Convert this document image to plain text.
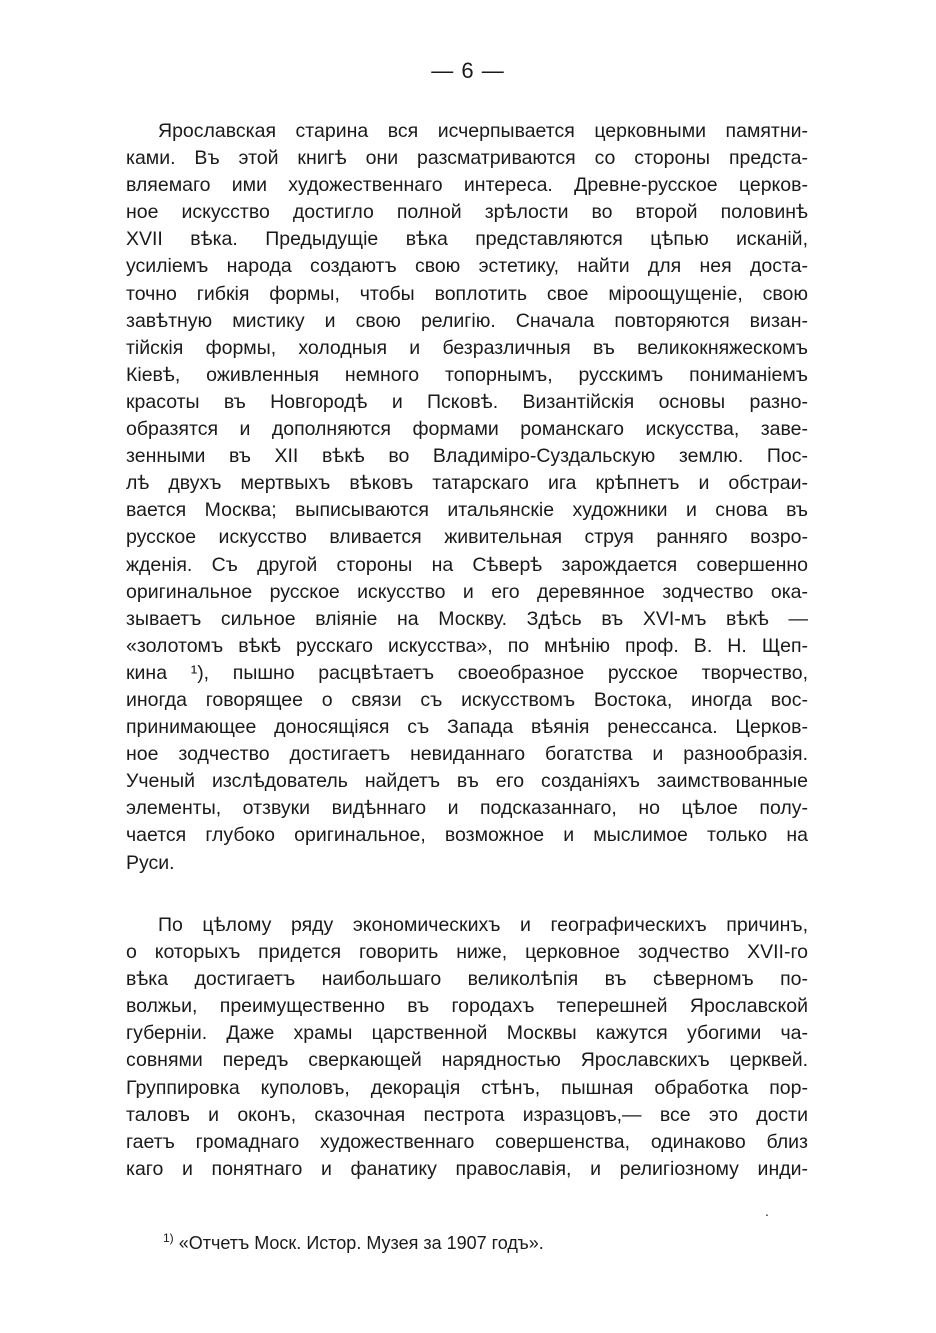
— 6 —
Ярославская старина вся исчерпывается церковными памятни-
ками. Въ этой книгѣ они разсматриваются со стороны предста-
вляемаго ими художественнаго интереса. Древне-русское церков-
ное искусство достигло полной зрѣлости во второй половинѣ
XVII вѣка. Предыдущіе вѣка представляются цѣпью исканій,
усиліемъ народа создаютъ свою эстетику, найти для нея доста-
точно гибкія формы, чтобы воплотить свое міроощущеніе, свою
завѣтную мистику и свою религію. Сначала повторяются визан-
тійскія формы, холодныя и безразличныя въ великокняжескомъ
Кіевѣ, оживленныя немного топорнымъ, русскимъ пониманіемъ
красоты въ Новгородѣ и Псковѣ. Византійскія основы разно-
образятся и дополняются формами романскаго искусства, заве-
зенными въ XII вѣкѣ во Владиміро-Суздальскую землю. Пос-
лѣ двухъ мертвыхъ вѣковъ татарскаго ига крѣпнетъ и обстраи-
вается Москва; выписываются итальянскіе художники и снова въ
русское искусство вливается живительная струя ранняго возро-
жденія. Съ другой стороны на Сѣверѣ зарождается совершенно
оригинальное русское искусство и его деревянное зодчество ока-
зываетъ сильное вліяніе на Москву. Здѣсь въ XVI-мъ вѣкѣ —
«золотомъ вѣкѣ русскаго искусства», по мнѣнію проф. В. Н. Щеп-
кина ¹), пышно расцвѣтаетъ своеобразное русское творчество,
иногда говорящее о связи съ искусствомъ Востока, иногда вос-
принимающее доносящіяся съ Запада вѣянія ренессанса. Церков-
ное зодчество достигаетъ невиданнаго богатства и разнообразія.
Ученый изслѣдователь найдетъ въ его созданіяхъ заимствованные
элементы, отзвуки видѣннаго и подсказаннаго, но цѣлое полу-
чается глубоко оригинальное, возможное и мыслимое только на
Руси.
По цѣлому ряду экономическихъ и географическихъ причинъ,
о которыхъ придется говорить ниже, церковное зодчество XVII-го
вѣка достигаетъ наибольшаго великолѣпія въ сѣверномъ по-
волжьи, преимущественно въ городахъ теперешней Ярославской
губерніи. Даже храмы царственной Москвы кажутся убогими ча-
совнями передъ сверкающей нарядностью Ярославскихъ церквей.
Группировка куполовъ, декорація стѣнъ, пышная обработка пор-
таловъ и оконъ, сказочная пестрота изразцовъ,— все это дости
гаетъ громаднаго художественнаго совершенства, одинаково близ
каго и понятнаго и фанатику православія, и религіозному инди-
.
$^{1)}$ «Отчетъ Моск. Истор. Музея за 1907 годъ».
